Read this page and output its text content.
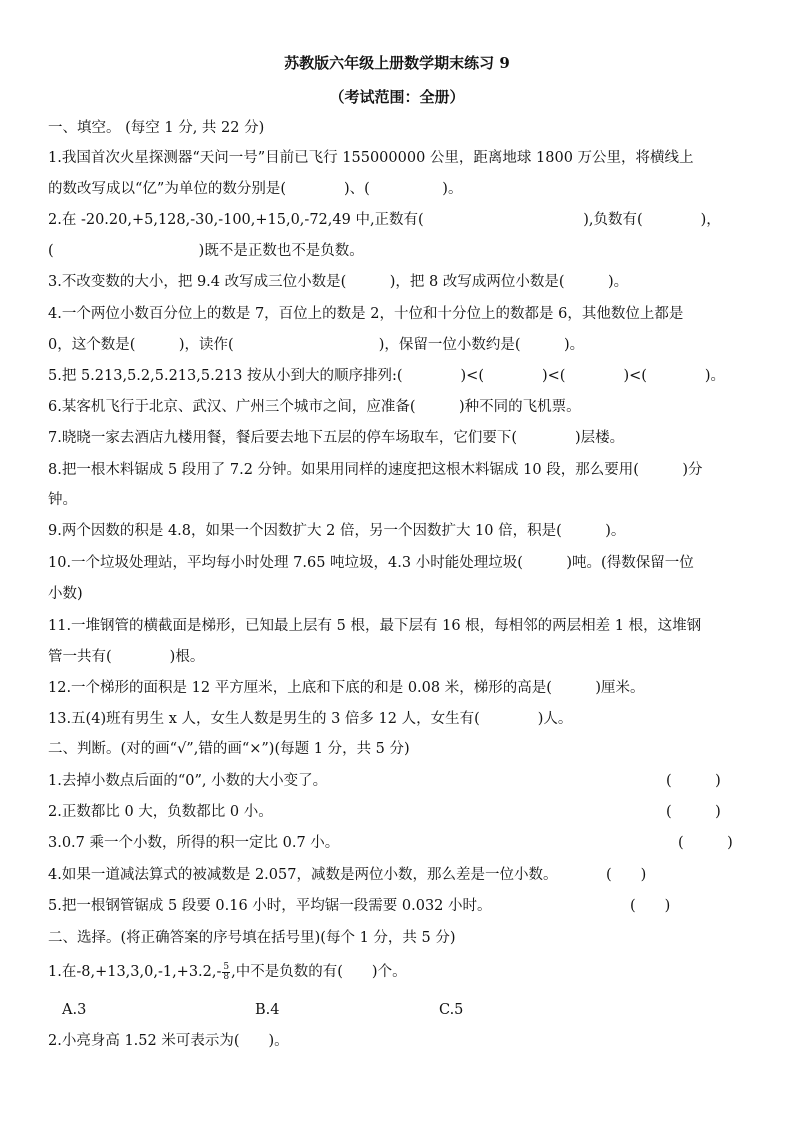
苏教版六年级上册数学期末练习 9
（考试范围：全册）
一、填空。 (每空 1 分, 共 22 分)
1.我国首次火星探测器“天问一号”目前已飞行 155000000 公里，距离地球 1800 万公里，将横线上
的数改写成以“亿”为单位的数分别是(　　　　)、(　　　　　)。
2.在 -20.20,+5,128,-30,-100,+15,0,-72,49 中,正数有(　　　　　　　　　　　),负数有(　　　　)，
(　　　　　　　　　　)既不是正数也不是负数。
3.不改变数的大小，把 9.4 改写成三位小数是(　　　)，把 8 改写成两位小数是(　　　)。
4.一个两位小数百分位上的数是 7，百位上的数是 2，十位和十分位上的数都是 6，其他数位上都是
0，这个数是(　　　)，读作(　　　　　　　　　　)，保留一位小数约是(　　　)。
5.把 5.213,5.2,5.213,5.213 按从小到大的顺序排列:(　　　　)<(　　　　)<(　　　　)<(　　　　)。
6.某客机飞行于北京、武汉、广州三个城市之间，应准备(　　　)种不同的飞机票。
7.晓晓一家去酒店九楼用餐，餐后要去地下五层的停车场取车，它们要下(　　　　)层楼。
8.把一根木料锯成 5 段用了 7.2 分钟。如果用同样的速度把这根木料锯成 10 段，那么要用(　　　)分
钟。
9.两个因数的积是 4.8，如果一个因数扩大 2 倍，另一个因数扩大 10 倍，积是(　　　)。
10.一个垃圾处理站，平均每小时处理 7.65 吨垃圾，4.3 小时能处理垃圾(　　　)吨。(得数保留一位
小数)
11.一堆钢管的横截面是梯形，已知最上层有 5 根，最下层有 16 根，每相邻的两层相差 1 根，这堆钢
管一共有(　　　　)根。
12.一个梯形的面积是 12 平方厘米，上底和下底的和是 0.08 米，梯形的高是(　　　)厘米。
13.五(4)班有男生 x 人，女生人数是男生的 3 倍多 12 人，女生有(　　　　)人。
二、判断。(对的画“√”,错的画“×”)(每题 1 分，共 5 分)
1.去掉小数点后面的“0”, 小数的大小变了。	(　　　)
2.正数都比 0 大，负数都比 0 小。	(　　　)
3.0.7 乘一个小数，所得的积一定比 0.7 小。	(　　　)
4.如果一道减法算式的被减数是 2.057，减数是两位小数，那么差是一位小数。	(　　)
5.把一根钢管锯成 5 段要 0.16 小时，平均锯一段需要 0.032 小时。	(　　)
二、选择。(将正确答案的序号填在括号里)(每个 1 分，共 5 分)
1.在$-8,+13,3,0,-1,+3.2,- \frac{5}{8}$ ,中不是负数的有(　　)个。
A.3	B.4	C.5
2.小亮身高 1.52 米可表示为(　　)。
